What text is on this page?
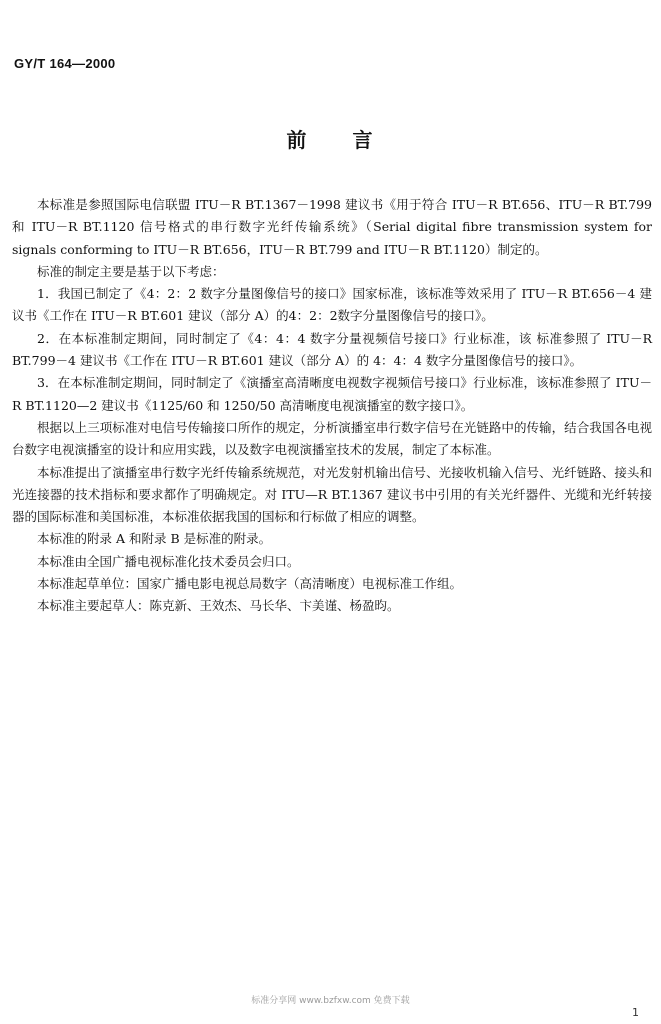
GY/T 164—2000
前　　言

本标准是参照国际电信联盟 ITU－R BT.1367－1998 建议书《用于符合 ITU－R BT.656、ITU－R BT.799 和 ITU－R BT.1120 信号格式的串行数字光纤传输系统》（Serial digital fibre transmission system for signals conforming to ITU－R BT.656，ITU－R BT.799 and ITU－R BT.1120）制定的。

标准的制定主要是基于以下考虑：

1．我国已制定了《4：2：2 数字分量图像信号的接口》国家标准，该标准等效采用了 ITU－R BT.656－4 建议书《工作在 ITU－R BT.601 建议（部分 A）的4：2：2数字分量图像信号的接口》。

2．在本标准制定期间，同时制定了《4：4：4 数字分量视频信号接口》行业标准，该 标准参照了 ITU－R BT.799－4 建议书《工作在 ITU－R BT.601 建议（部分 A）的 4：4：4 数字分量图像信号的接口》。

3．在本标准制定期间，同时制定了《演播室高清晰度电视数字视频信号接口》行业标准，该标准参照了 ITU－R BT.1120—2 建议书《1125/60 和 1250/50 高清晰度电视演播室的数字接口》。

根据以上三项标准对电信号传输接口所作的规定，分析演播室串行数字信号在光链路中的传输，结合我国各电视台数字电视演播室的设计和应用实践，以及数字电视演播室技术的发展，制定了本标准。

本标准提出了演播室串行数字光纤传输系统规范，对光发射机输出信号、光接收机输入信号、光纤链路、接头和光连接器的技术指标和要求都作了明确规定。对 ITU—R BT.1367 建议书中引用的有关光纤器件、光缆和光纤转接器的国际标准和美国标准，本标准依据我国的国标和行标做了相应的调整。

本标准的附录 A 和附录 B 是标准的附录。

本标准由全国广播电视标准化技术委员会归口。

本标准起草单位：国家广播电影电视总局数字（高清晰度）电视标准工作组。

本标准主要起草人：陈克新、王效杰、马长华、卞美谨、杨盈昀。

标准分享网 www.bzfxw.com 免费下载
1
